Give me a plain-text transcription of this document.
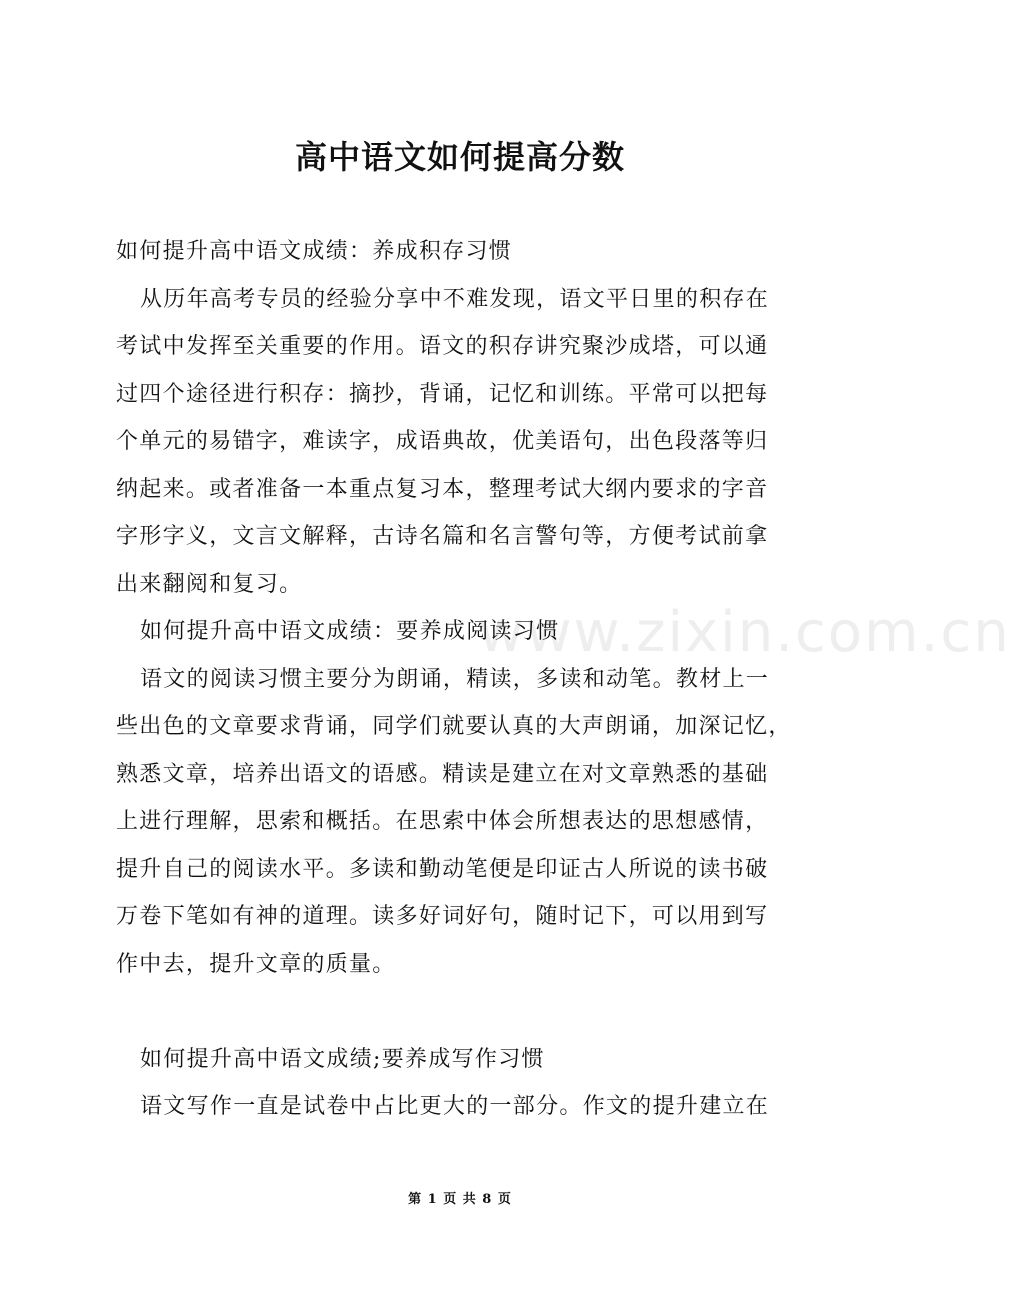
高中语文如何提高分数
www.zixin.com.cn
如何提升高中语文成绩：养成积存习惯
从历年高考专员的经验分享中不难发现，语文平日里的积存在
考试中发挥至关重要的作用。语文的积存讲究聚沙成塔，可以通
过四个途径进行积存：摘抄，背诵，记忆和训练。平常可以把每
个单元的易错字，难读字，成语典故，优美语句，出色段落等归
纳起来。或者准备一本重点复习本，整理考试大纲内要求的字音
字形字义，文言文解释，古诗名篇和名言警句等，方便考试前拿
出来翻阅和复习。
如何提升高中语文成绩：要养成阅读习惯
语文的阅读习惯主要分为朗诵，精读，多读和动笔。教材上一
些出色的文章要求背诵，同学们就要认真的大声朗诵，加深记忆，
熟悉文章，培养出语文的语感。精读是建立在对文章熟悉的基础
上进行理解，思索和概括。在思索中体会所想表达的思想感情，
提升自己的阅读水平。多读和勤动笔便是印证古人所说的读书破
万卷下笔如有神的道理。读多好词好句，随时记下，可以用到写
作中去，提升文章的质量。
如何提升高中语文成绩;要养成写作习惯
语文写作一直是试卷中占比更大的一部分。作文的提升建立在
第 1 页 共 8 页
